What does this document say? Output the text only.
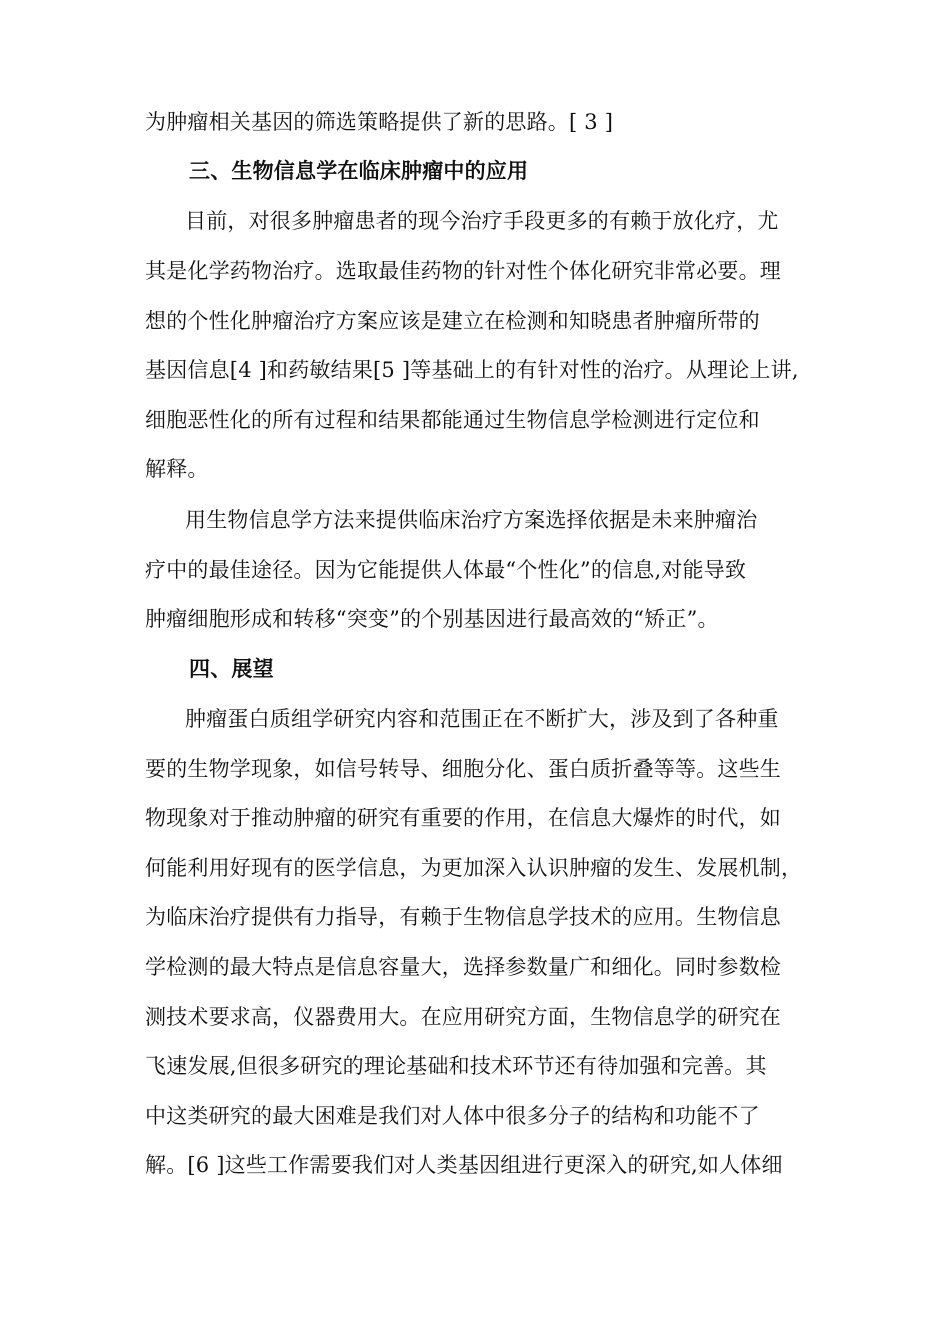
为肿瘤相关基因的筛选策略提供了新的思路。[ 3 ]
三、生物信息学在临床肿瘤中的应用
目前，对很多肿瘤患者的现今治疗手段更多的有赖于放化疗，尤
其是化学药物治疗。选取最佳药物的针对性个体化研究非常必要。理
想的个性化肿瘤治疗方案应该是建立在检测和知晓患者肿瘤所带的
基因信息[4 ]和药敏结果[5 ]等基础上的有针对性的治疗。从理论上讲,
细胞恶性化的所有过程和结果都能通过生物信息学检测进行定位和
解释。
用生物信息学方法来提供临床治疗方案选择依据是未来肿瘤治
疗中的最佳途径。因为它能提供人体最“个性化”的信息,对能导致
肿瘤细胞形成和转移“突变”的个别基因进行最高效的“矫正”。
四、展望
肿瘤蛋白质组学研究内容和范围正在不断扩大，涉及到了各种重
要的生物学现象，如信号转导、细胞分化、蛋白质折叠等等。这些生
物现象对于推动肿瘤的研究有重要的作用，在信息大爆炸的时代，如
何能利用好现有的医学信息，为更加深入认识肿瘤的发生、发展机制，
为临床治疗提供有力指导，有赖于生物信息学技术的应用。生物信息
学检测的最大特点是信息容量大，选择参数量广和细化。同时参数检
测技术要求高，仪器费用大。在应用研究方面，生物信息学的研究在
飞速发展,但很多研究的理论基础和技术环节还有待加强和完善。其
中这类研究的最大困难是我们对人体中很多分子的结构和功能不了
解。[6 ]这些工作需要我们对人类基因组进行更深入的研究,如人体细
